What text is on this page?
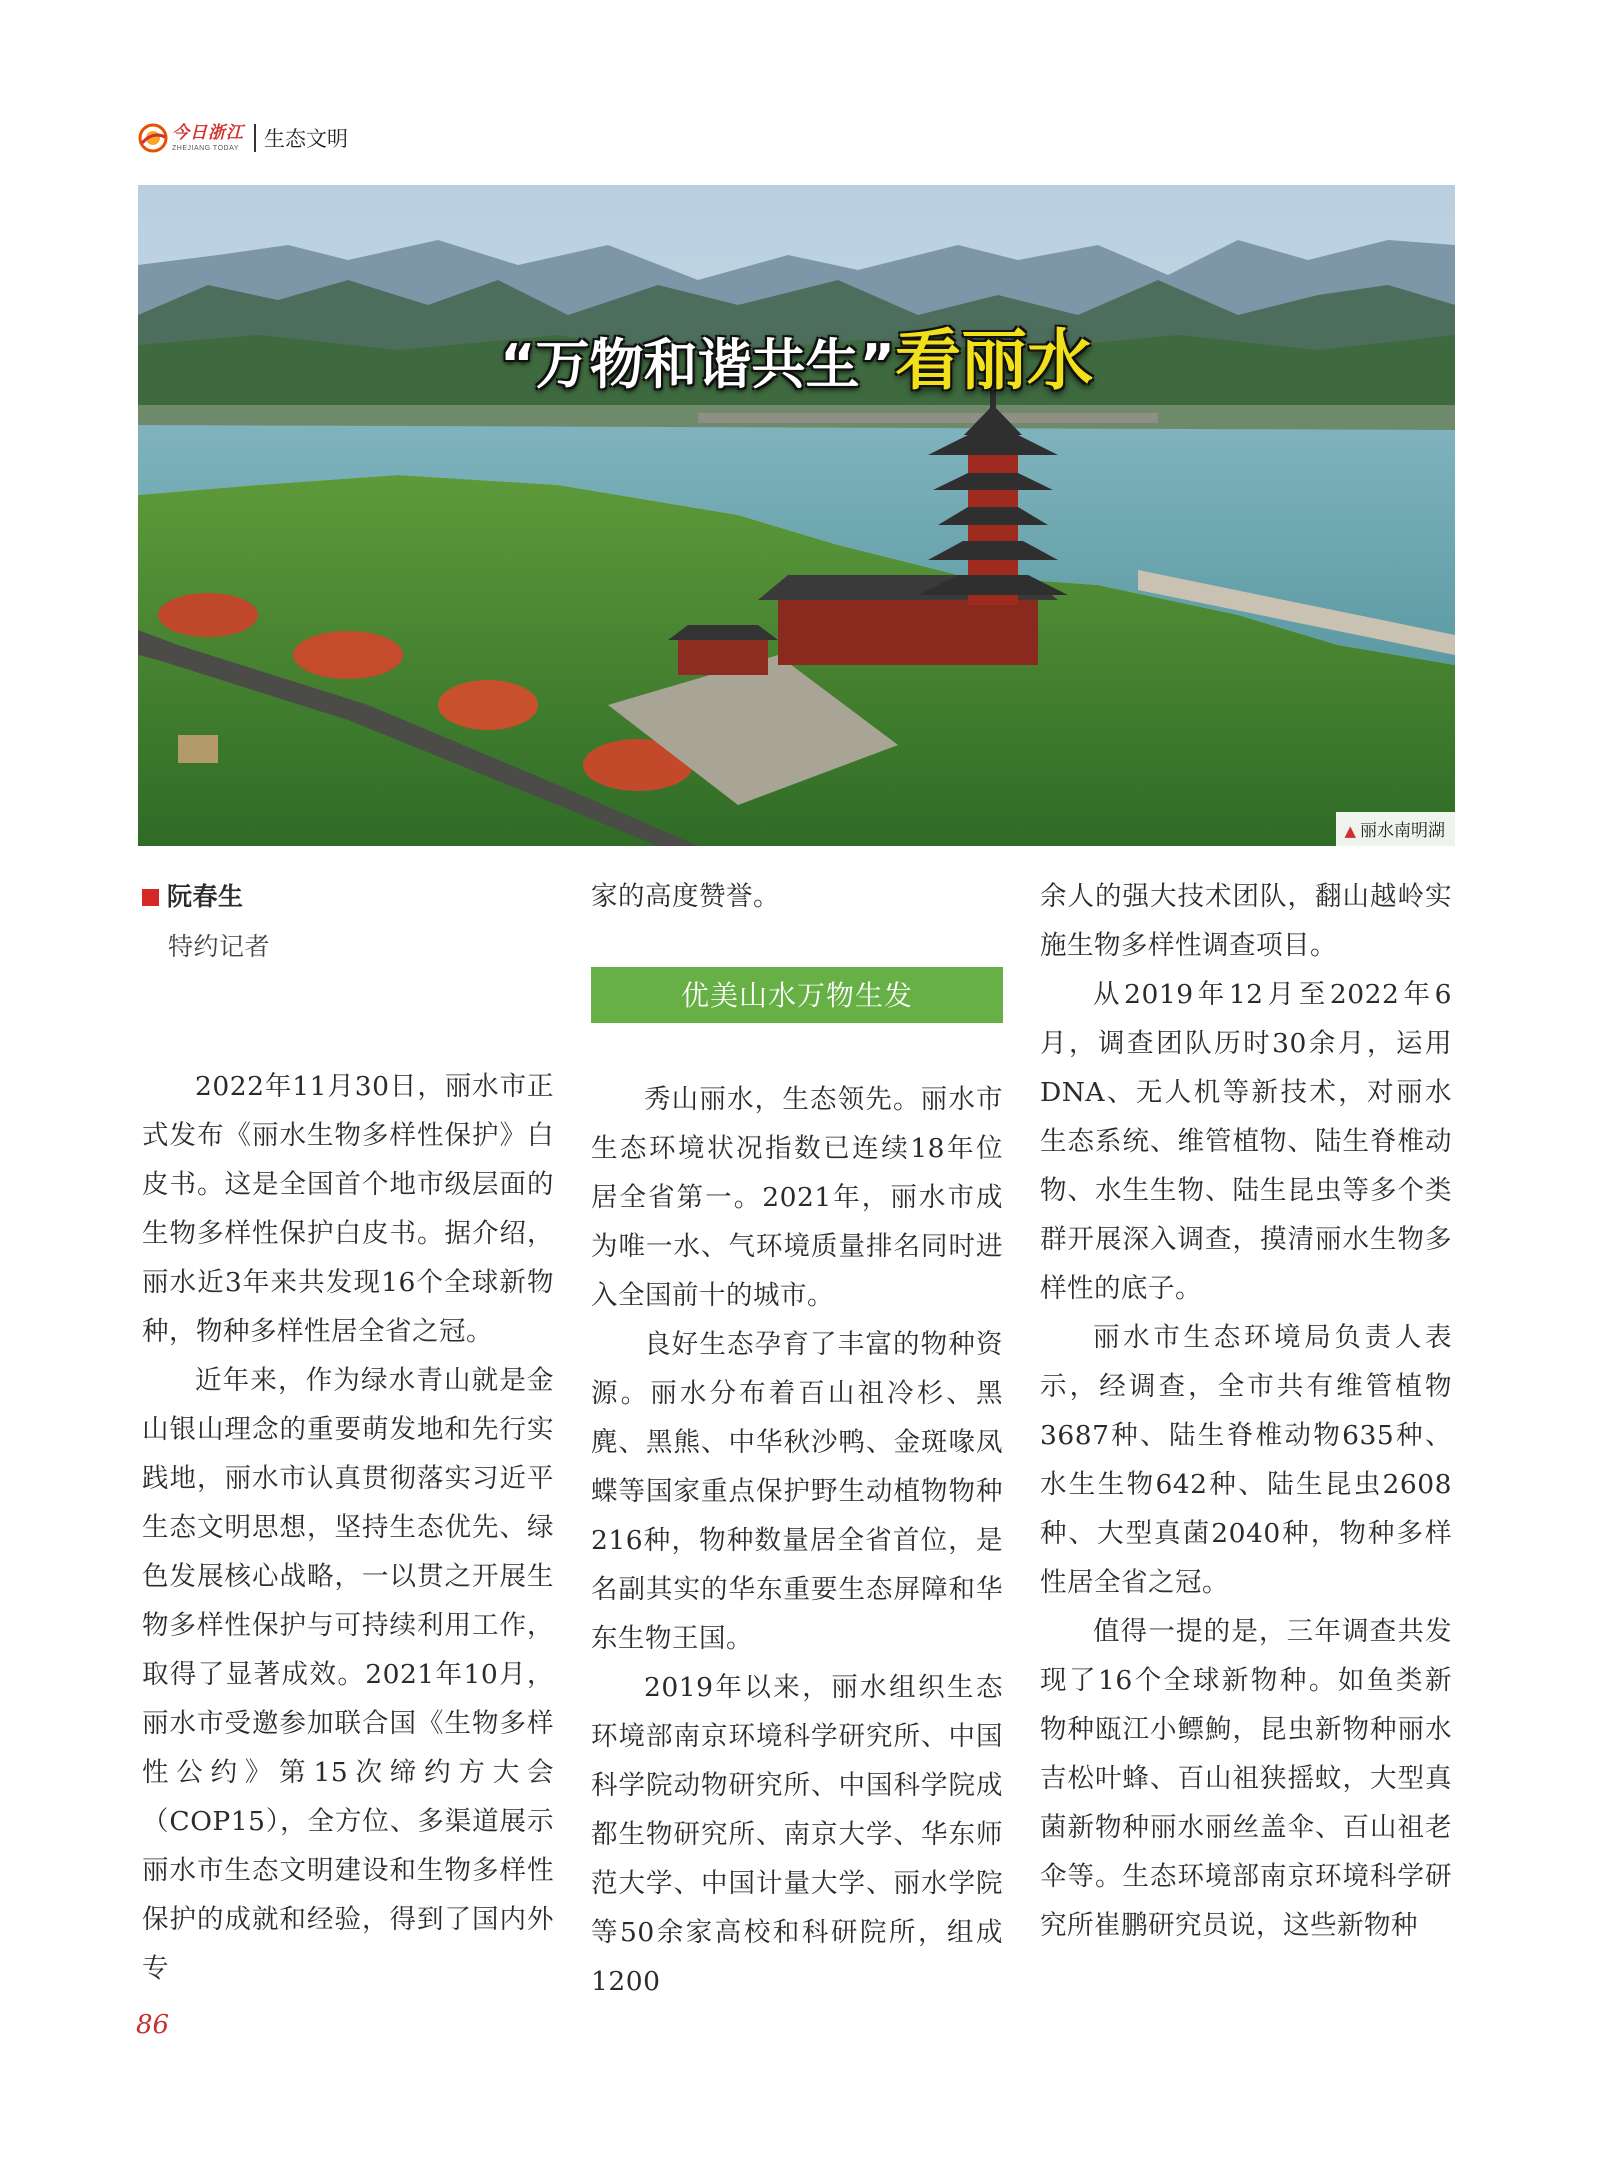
今日浙江
ZHEJIANG TODAY 生态文明
“万物和谐共生”看丽水
▲ 丽水南明湖
阮春生
特约记者

2022年11月30日，丽水市正式发布《丽水生物多样性保护》白皮书。这是全国首个地市级层面的生物多样性保护白皮书。据介绍，丽水近3年来共发现16个全球新物种，物种多样性居全省之冠。

近年来，作为绿水青山就是金山银山理念的重要萌发地和先行实践地，丽水市认真贯彻落实习近平生态文明思想，坚持生态优先、绿色发展核心战略，一以贯之开展生物多样性保护与可持续利用工作，取得了显著成效。2021年10月，丽水市受邀参加联合国《生物多样性公约》第15次缔约方大会（COP15），全方位、多渠道展示丽水市生态文明建设和生物多样性保护的成就和经验，得到了国内外专

家的高度赞誉。

优美山水万物生发

秀山丽水，生态领先。丽水市生态环境状况指数已连续18年位居全省第一。2021年，丽水市成为唯一水、气环境质量排名同时进入全国前十的城市。

良好生态孕育了丰富的物种资源。丽水分布着百山祖冷杉、黑麂、黑熊、中华秋沙鸭、金斑喙凤蝶等国家重点保护野生动植物物种216种，物种数量居全省首位，是名副其实的华东重要生态屏障和华东生物王国。

2019年以来，丽水组织生态环境部南京环境科学研究所、中国科学院动物研究所、中国科学院成都生物研究所、南京大学、华东师范大学、中国计量大学、丽水学院等50余家高校和科研院所，组成1200

余人的强大技术团队，翻山越岭实施生物多样性调查项目。

从2019年12月至2022年6月，调查团队历时30余月，运用DNA、无人机等新技术，对丽水生态系统、维管植物、陆生脊椎动物、水生生物、陆生昆虫等多个类群开展深入调查，摸清丽水生物多样性的底子。

丽水市生态环境局负责人表示，经调查，全市共有维管植物3687种、陆生脊椎动物635种、水生生物642种、陆生昆虫2608种、大型真菌2040种，物种多样性居全省之冠。

值得一提的是，三年调查共发现了16个全球新物种。如鱼类新物种瓯江小鳔鮈，昆虫新物种丽水吉松叶蜂、百山祖狭摇蚊，大型真菌新物种丽水丽丝盖伞、百山祖老伞等。生态环境部南京环境科学研究所崔鹏研究员说，这些新物种

86
